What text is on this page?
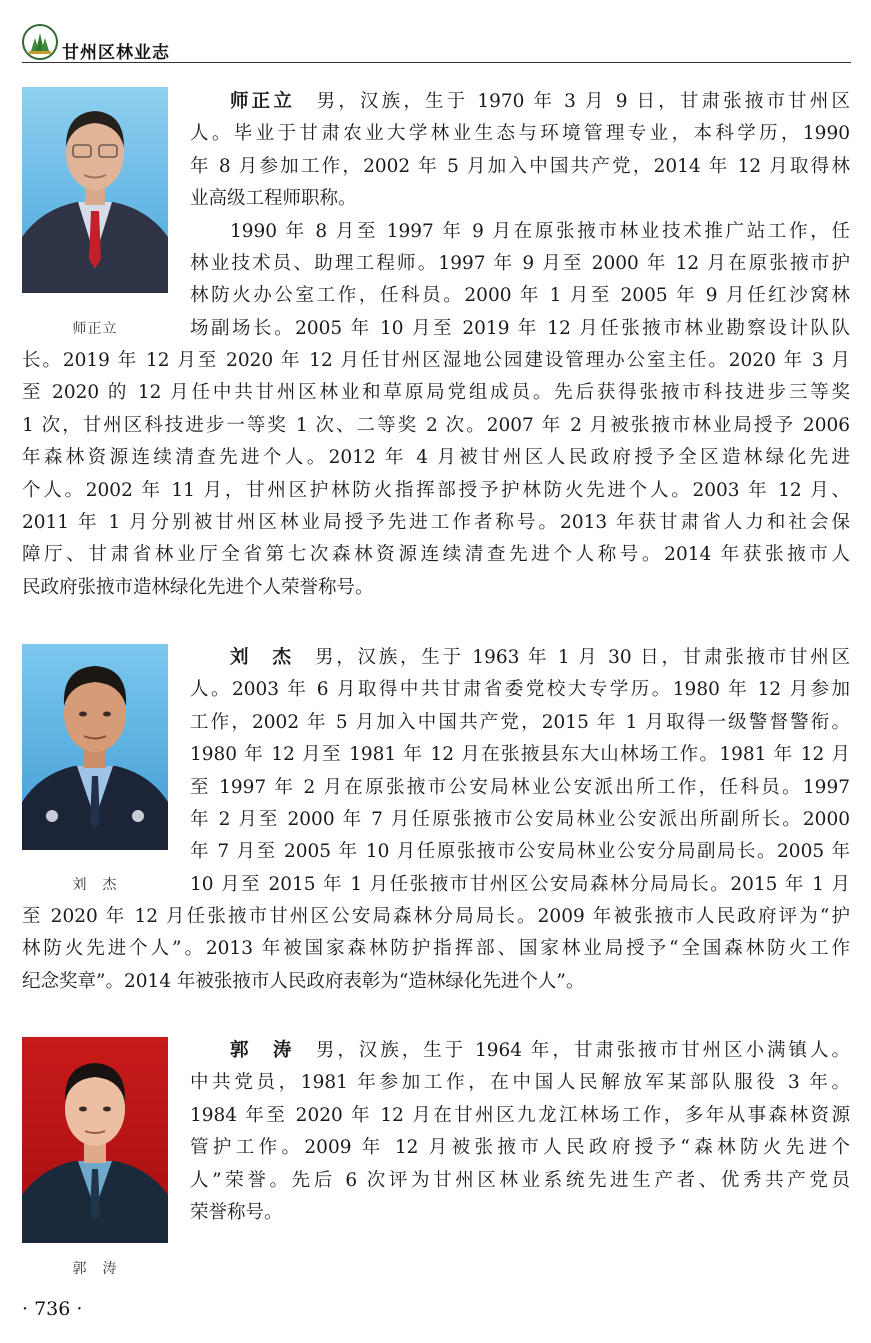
甘州区林业志
师正立
师正立　 男，汉族，生于 1970 年 3 月 9 日，甘肃张掖市甘州区
人。毕业于甘肃农业大学林业生态与环境管理专业，本科学历，1990
年 8 月参加工作，2002 年 5 月加入中国共产党，2014 年 12 月取得林
业高级工程师职称。
1990 年 8 月至 1997 年 9 月在原张掖市林业技术推广站工作，任
林业技术员、助理工程师。1997 年 9 月至 2000 年 12 月在原张掖市护
林防火办公室工作，任科员。2000 年 1 月至 2005 年 9 月任红沙窝林
场副场长。2005 年 10 月至 2019 年 12 月任张掖市林业勘察设计队队
长。2019 年 12 月至 2020 年 12 月任甘州区湿地公园建设管理办公室主任。2020 年 3 月
至 2020 的 12 月任中共甘州区林业和草原局党组成员。先后获得张掖市科技进步三等奖
1 次，甘州区科技进步一等奖 1 次、二等奖 2 次。2007 年 2 月被张掖市林业局授予 2006
年森林资源连续清查先进个人。2012 年 4 月被甘州区人民政府授予全区造林绿化先进
个人。2002 年 11 月，甘州区护林防火指挥部授予护林防火先进个人。2003 年 12 月、
2011 年 1 月分别被甘州区林业局授予先进工作者称号。2013 年获甘肃省人力和社会保
障厅、甘肃省林业厅全省第七次森林资源连续清查先进个人称号。2014 年获张掖市人
民政府张掖市造林绿化先进个人荣誉称号。
刘　杰
刘　杰　 男，汉族，生于 1963 年 1 月 30 日，甘肃张掖市甘州区
人。2003 年 6 月取得中共甘肃省委党校大专学历。1980 年 12 月参加
工作，2002 年 5 月加入中国共产党，2015 年 1 月取得一级警督警衔。
1980 年 12 月至 1981 年 12 月在张掖县东大山林场工作。1981 年 12 月
至 1997 年 2 月在原张掖市公安局林业公安派出所工作，任科员。1997
年 2 月至 2000 年 7 月任原张掖市公安局林业公安派出所副所长。2000
年 7 月至 2005 年 10 月任原张掖市公安局林业公安分局副局长。2005 年
10 月至 2015 年 1 月任张掖市甘州区公安局森林分局局长。2015 年 1 月
至 2020 年 12 月任张掖市甘州区公安局森林分局局长。2009 年被张掖市人民政府评为“护
林防火先进个人”。2013 年被国家森林防护指挥部、国家林业局授予“全国森林防火工作
纪念奖章”。2014 年被张掖市人民政府表彰为“造林绿化先进个人”。
郭　涛
郭　涛　 男，汉族，生于 1964 年，甘肃张掖市甘州区小满镇人。
中共党员，1981 年参加工作，在中国人民解放军某部队服役 3 年。
1984 年至 2020 年 12 月在甘州区九龙江林场工作，多年从事森林资源
管护工作。2009 年 12 月被张掖市人民政府授予“森林防火先进个
人”荣誉。先后 6 次评为甘州区林业系统先进生产者、优秀共产党员
荣誉称号。
· 736 ·
